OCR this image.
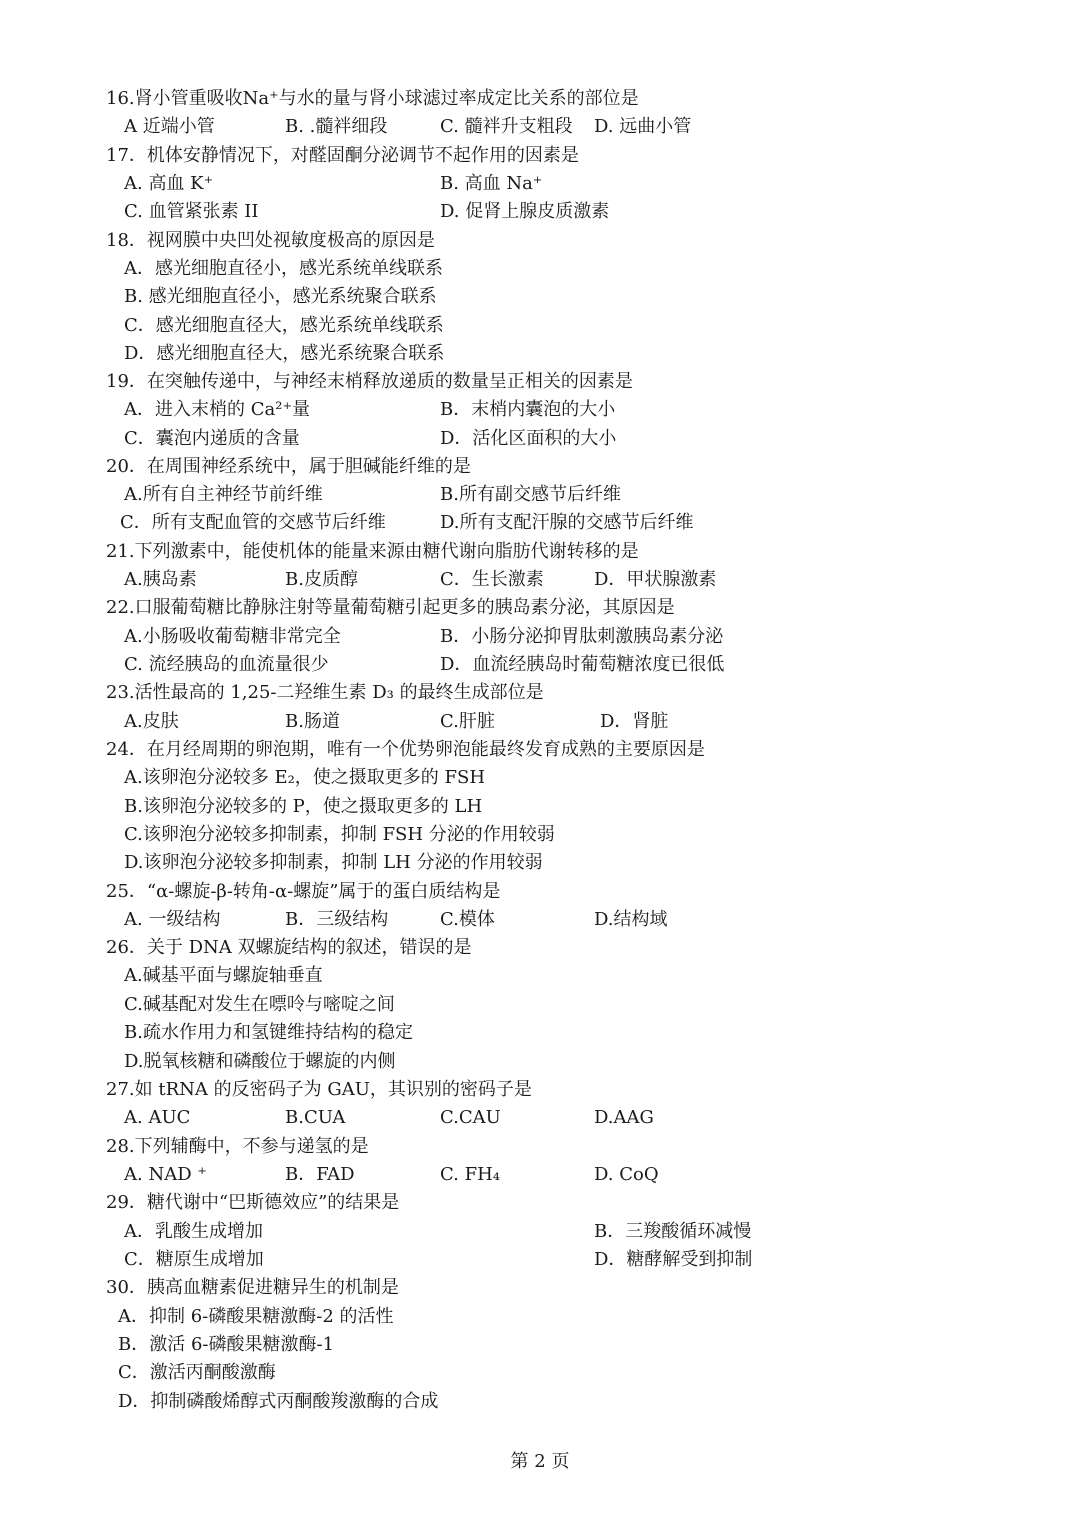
16.肾小管重吸收Na⁺与水的量与肾小球滤过率成定比关系的部位是
A 近端小管	B. .髓袢细段	C. 髓袢升支粗段 D. 远曲小管
17．机体安静情况下，对醛固酮分泌调节不起作用的因素是
A. 高血 K⁺	B. 高血 Na⁺
C. 血管紧张素 II	D. 促肾上腺皮质激素
18．视网膜中央凹处视敏度极高的原因是
A．感光细胞直径小，感光系统单线联系
B. 感光细胞直径小，感光系统聚合联系
C．感光细胞直径大，感光系统单线联系
D．感光细胞直径大，感光系统聚合联系
19．在突触传递中，与神经末梢释放递质的数量呈正相关的因素是
A．进入末梢的 Ca²⁺量	B．末梢内囊泡的大小
C．囊泡内递质的含量	D．活化区面积的大小
20．在周围神经系统中，属于胆碱能纤维的是
A.所有自主神经节前纤维	B.所有副交感节后纤维
C．所有支配血管的交感节后纤维	D.所有支配汗腺的交感节后纤维
21.下列激素中，能使机体的能量来源由糖代谢向脂肪代谢转移的是
A.胰岛素	B.皮质醇	C．生长激素	D．甲状腺激素
22.口服葡萄糖比静脉注射等量葡萄糖引起更多的胰岛素分泌，其原因是
A.小肠吸收葡萄糖非常完全	B．小肠分泌抑胃肽刺激胰岛素分泌
C. 流经胰岛的血流量很少	D．血流经胰岛时葡萄糖浓度已很低
23.活性最高的 1,25-二羟维生素 D₃ 的最终生成部位是
A.皮肤	B.肠道	C.肝脏	D．肾脏
24．在月经周期的卵泡期，唯有一个优势卵泡能最终发育成熟的主要原因是
A.该卵泡分泌较多 E₂，使之摄取更多的 FSH
B.该卵泡分泌较多的 P，使之摄取更多的 LH
C.该卵泡分泌较多抑制素，抑制 FSH 分泌的作用较弱
D.该卵泡分泌较多抑制素，抑制 LH 分泌的作用较弱
25．“α-螺旋-β-转角-α-螺旋”属于的蛋白质结构是
A. 一级结构	B．三级结构	C.模体	D.结构域
26．关于 DNA 双螺旋结构的叙述，错误的是
A.碱基平面与螺旋轴垂直
C.碱基配对发生在嘌呤与嘧啶之间
B.疏水作用力和氢键维持结构的稳定
D.脱氧核糖和磷酸位于螺旋的内侧
27.如 tRNA 的反密码子为 GAU，其识别的密码子是
A. AUC	B.CUA	C.CAU	D.AAG
28.下列辅酶中，不参与递氢的是
A. NAD ⁺	B．FAD	C. FH₄	D. CoQ
29．糖代谢中“巴斯德效应”的结果是
A．乳酸生成增加	B．三羧酸循环减慢
C．糖原生成增加	D．糖酵解受到抑制
30．胰高血糖素促进糖异生的机制是
A．抑制 6-磷酸果糖激酶-2 的活性
B．激活 6-磷酸果糖激酶-1
C．激活丙酮酸激酶
D．抑制磷酸烯醇式丙酮酸羧激酶的合成
第 2 页
